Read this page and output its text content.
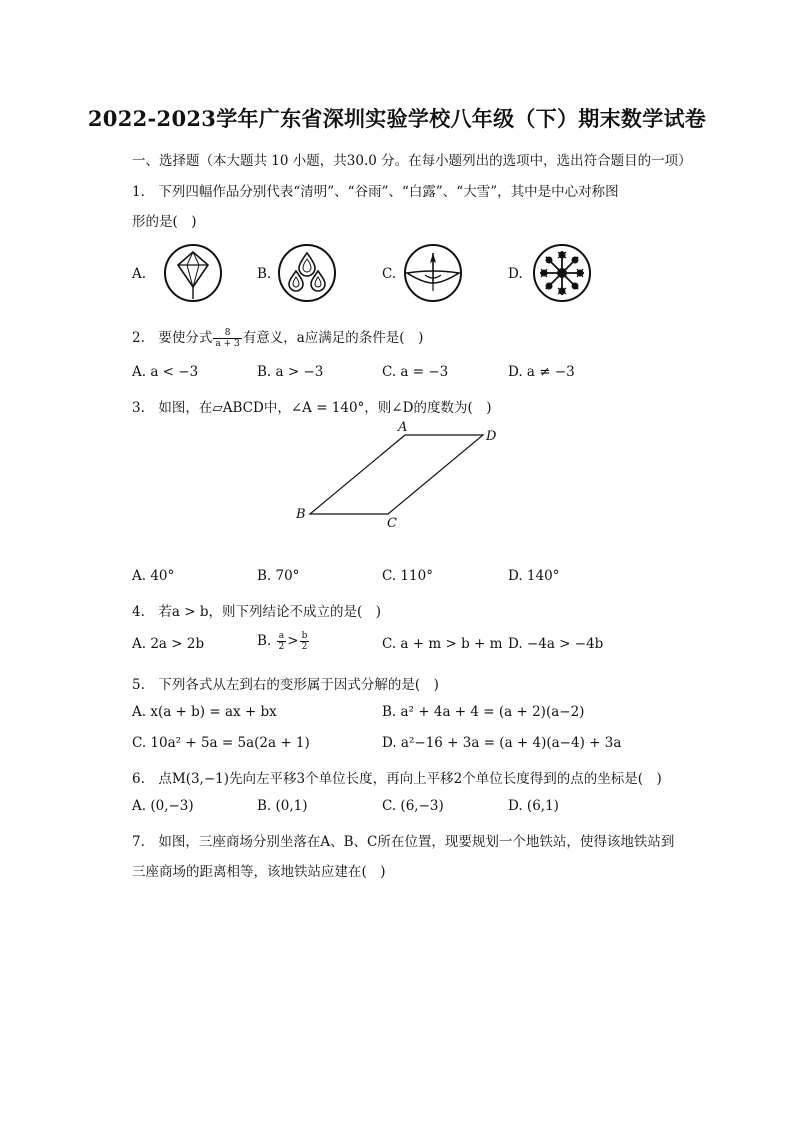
2022-2023学年广东省深圳实验学校八年级（下）期末数学试卷
一、选择题（本大题共 10 小题，共30.0 分。在每小题列出的选项中，选出符合题目的一项）
1.　下列四幅作品分别代表“清明”、“谷雨”、“白露”、“大雪”，其中是中心对称图
形的是(　)
A.	B.	C.	D.
2.　要使分式 $\frac{8}{a + 3}$ 有意义，a应满足的条件是(　)
A. a < −3	B. a > −3	C. a = −3	D. a ≠ −3
3.　如图，在▱ABCD中，∠A = 140°，则∠D的度数为(　)
A
D
B
C
A. 40°	B. 70°	C. 110°	D. 140°
4.　若a > b，则下列结论不成立的是(　)
A. 2a > 2b	B. $\frac{a}{2} > \frac{b}{2}$	C. a + m > b + m D. −4a > −4b
5.　下列各式从左到右的变形属于因式分解的是(　)
A. x(a + b) = ax + bx	B. a² + 4a + 4 = (a + 2)(a−2)
C. 10a² + 5a = 5a(2a + 1)	D. a²−16 + 3a = (a + 4)(a−4) + 3a
6.　点M(3,−1)先向左平移3个单位长度，再向上平移2个单位长度得到的点的坐标是(　)
A. (0,−3)	B. (0,1)	C. (6,−3)	D. (6,1)
7.　如图，三座商场分别坐落在A、B、C所在位置，现要规划一个地铁站，使得该地铁站到
三座商场的距离相等，该地铁站应建在(　)
